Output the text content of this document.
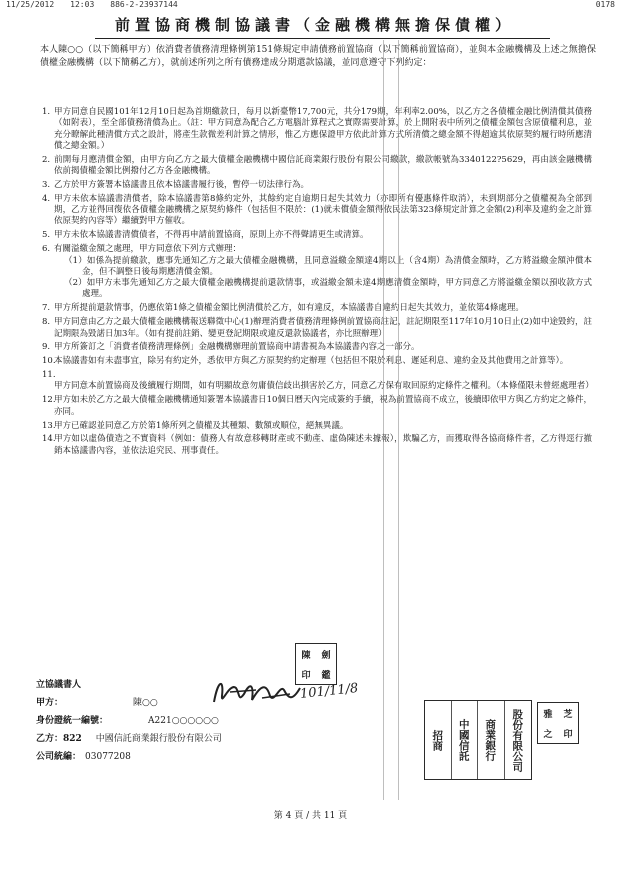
11/25/2012 12:03 886-2-23937144	0178
前置協商機制協議書（金融機構無擔保債權）

本人陳○○（以下簡稱甲方）依消費者債務清理條例第151條規定申請債務前置協商（以下簡稱前置協商），並與本金融機構及上述之無擔保債權金融機構（以下簡稱乙方），就前述所列之所有債務達成分期還款協議，並同意遵守下列約定：

1. 甲方同意自民國101年12月10日起為首期繳款日，每月以新臺幣17,700元，共分179期，年利率2.00%，以乙方之各債權金融比例清償其債務（如附表），至全部債務清償為止。（註：甲方同意為配合乙方電腦計算程式之實際需要計算，於上開附表中所列之債權金額包含原債權利息，並充分瞭解此種清償方式之設計，將產生款微差利計算之情形，惟乙方應保證甲方依此計算方式所清償之總金額不得超逾其依原契約履行時所應清償之總金額。）
2. 前開每月應清償金額，由甲方向乙方之最大債權金融機構中國信託商業銀行股份有限公司繳款，繳款帳號為3340122?5629，再由該金融機構依前揭債權金額比例撥付乙方各金融機構。
3. 乙方於甲方簽署本協議書且依本協議書履行後，暫停一切法律行為。
4. 甲方未依本協議書清償者，除本協議書第8條約定外，其餘約定自逾期日起失其效力（亦即所有優惠條件取消），未到期部分之債權視為全部到期，乙方並得回復依各債權金融機構之原契約條件（包括但不限於：(1)就未償債金額得依民法第323條規定計算之金額(2)利率及違約金之計算依原契約內容等）繼續對甲方催收。
5. 甲方未依本協議書清償債者，不得再申請前置協商，原則上亦不得聲請更生或清算。
6. 有關溢繳金額之處理，甲方同意依下列方式辦理：
（1）如係為提前繳款，應事先通知乙方之最大債權金融機構，且同意溢繳金額達4期以上（含4期）為清償金額時，乙方將溢繳金額沖償本金，但不調整日後每期應清償金額。
（2）如甲方未事先通知乙方之最大債權金融機構提前還款情事，或溢繳金額未達4期應清償金額時，甲方同意乙方將溢繳金額以預收款方式處理。
7. 甲方所提前還款情事，仍應依第1條之債權金額比例清償於乙方，如有違反，本協議書自違約日起失其效力，並依第4條處理。
8. 甲方同意由乙方之最大債權金融機構報送聯徵中心(1)辦理消費者債務清理條例前置協商註記，註記期限至117年10月10日止(2)如中途毀約，註記期限為毀諾日加3年。（如有提前註銷、變更登記期限或違反還款協議者，亦比照辦理）
9. 甲方所簽訂之「消費者債務清理條例」金融機構辦理前置協商申請書視為本協議書內容之一部分。
10.本協議書如有未盡事宜，除另有約定外，悉依甲方與乙方原契約約定辦理（包括但不限於利息、遲延利息、違約金及其他費用之計算等）。
11.甲方同意本前置協商及後續履行期間，如有明顯故意勿庸債信歧出損害於乙方，同意乙方保有取回原約定條件之權利。（本條僅限未曾經處理者）
12.甲方如未於乙方之最大債權金融機構通知簽署本協議書日10個日曆天內完成簽約手續，視為前置協商不成立，後續即依甲方與乙方約定之條件，亦同。
13.甲方已確認並同意乙方於第1條所列之債權及其種類、數額或順位，絕無異議。
14.甲方如以虛偽債造之不實資料（例如：債務人有故意移轉財產或不動產、虛偽陳述未據報），欺騙乙方，而獲取得各協商條件者，乙方得逕行撤銷本協議書內容，並依法追究民、刑事責任。
立協議書人
甲方：	陳○○
身份證統一編號：	A221○○○○○○
乙方：822 中國信託商業銀行股份有限公司
公司統編： 03077208
101/11/8
陳	劍
印	鑑
招商	中國信託	商業銀行	股份有限公司	雅	芝
之	印
第 4 頁 / 共 11 頁
